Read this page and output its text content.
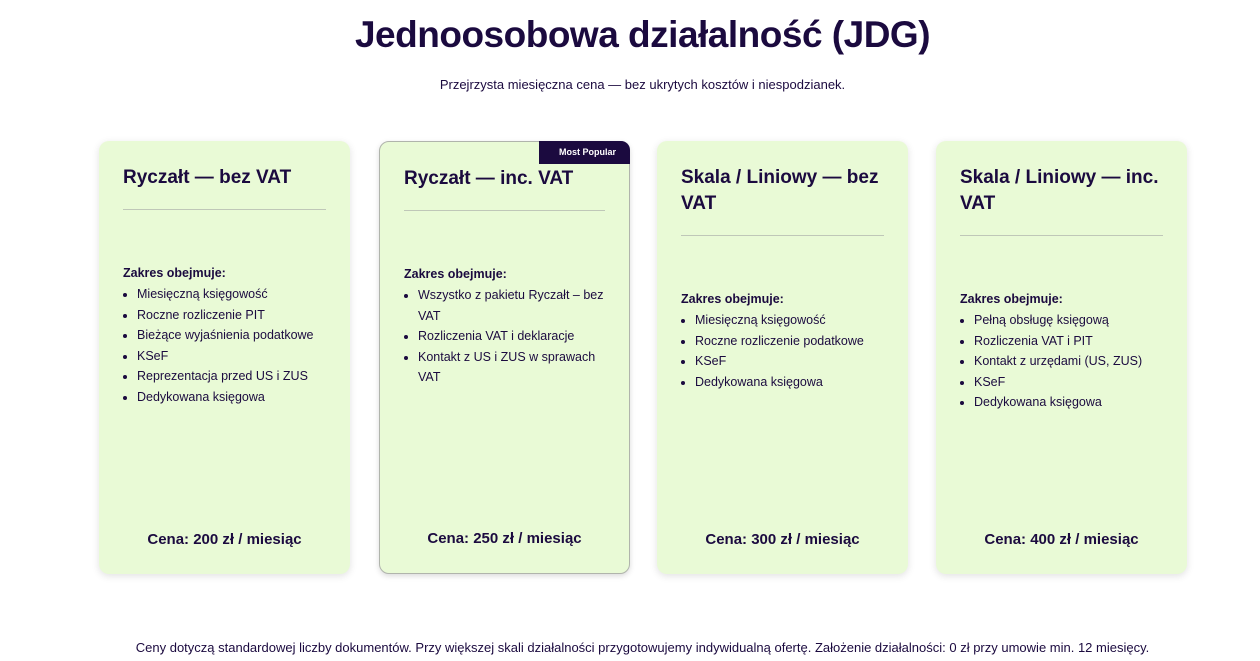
Jednoosobowa działalność (JDG)
Przejrzysta miesięczna cena — bez ukrytych kosztów i niespodzianek.
Ryczałt — bez VAT
Zakres obejmuje:
• Miesięczną księgowość
• Roczne rozliczenie PIT
• Bieżące wyjaśnienia podatkowe
• KSeF
• Reprezentacja przed US i ZUS
• Dedykowana księgowa
Cena: 200 zł / miesiąc
Most Popular
Ryczałt — inc. VAT
Zakres obejmuje:
• Wszystko z pakietu Ryczałt – bez VAT
• Rozliczenia VAT i deklaracje
• Kontakt z US i ZUS w sprawach VAT
Cena: 250 zł / miesiąc
Skala / Liniowy — bez VAT
Zakres obejmuje:
• Miesięczną księgowość
• Roczne rozliczenie podatkowe
• KSeF
• Dedykowana księgowa
Cena: 300 zł / miesiąc
Skala / Liniowy — inc. VAT
Zakres obejmuje:
• Pełną obsługę księgową
• Rozliczenia VAT i PIT
• Kontakt z urzędami (US, ZUS)
• KSeF
• Dedykowana księgowa
Cena: 400 zł / miesiąc
Ceny dotyczą standardowej liczby dokumentów. Przy większej skali działalności przygotowujemy indywidualną ofertę. Założenie działalności: 0 zł przy umowie min. 12 miesięcy.
